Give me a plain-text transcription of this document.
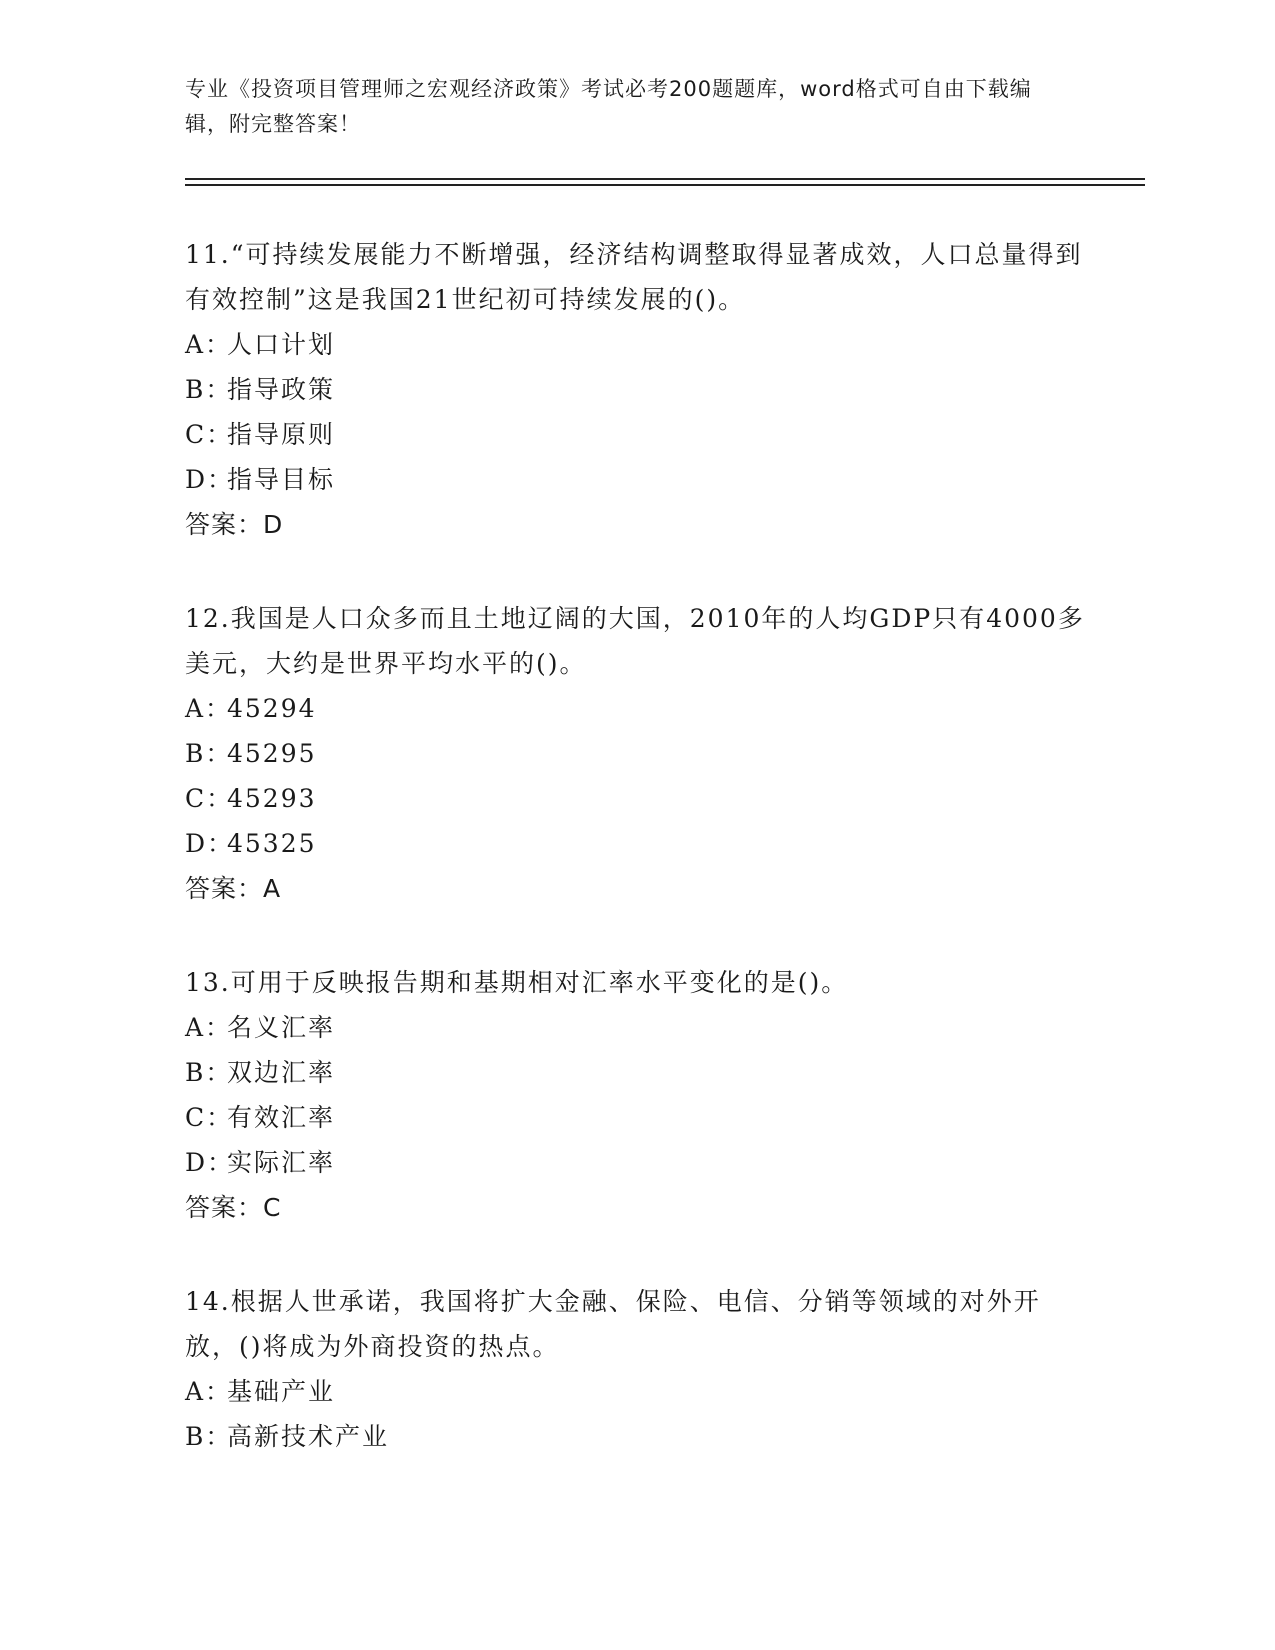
专业《投资项目管理师之宏观经济政策》考试必考200题题库，word格式可自由下载编辑，附完整答案！

11.“可持续发展能力不断增强，经济结构调整取得显著成效，人口总量得到有效控制”这是我国21世纪初可持续发展的()。

A：人口计划

B：指导政策

C：指导原则

D：指导目标

答案：D

12.我国是人口众多而且土地辽阔的大国，2010年的人均GDP只有4000多美元，大约是世界平均水平的()。

A：45294

B：45295

C：45293

D：45325

答案：A

13.可用于反映报告期和基期相对汇率水平变化的是()。

A：名义汇率

B：双边汇率

C：有效汇率

D：实际汇率

答案：C

14.根据人世承诺，我国将扩大金融、保险、电信、分销等领域的对外开放，()将成为外商投资的热点。

A：基础产业

B：高新技术产业
